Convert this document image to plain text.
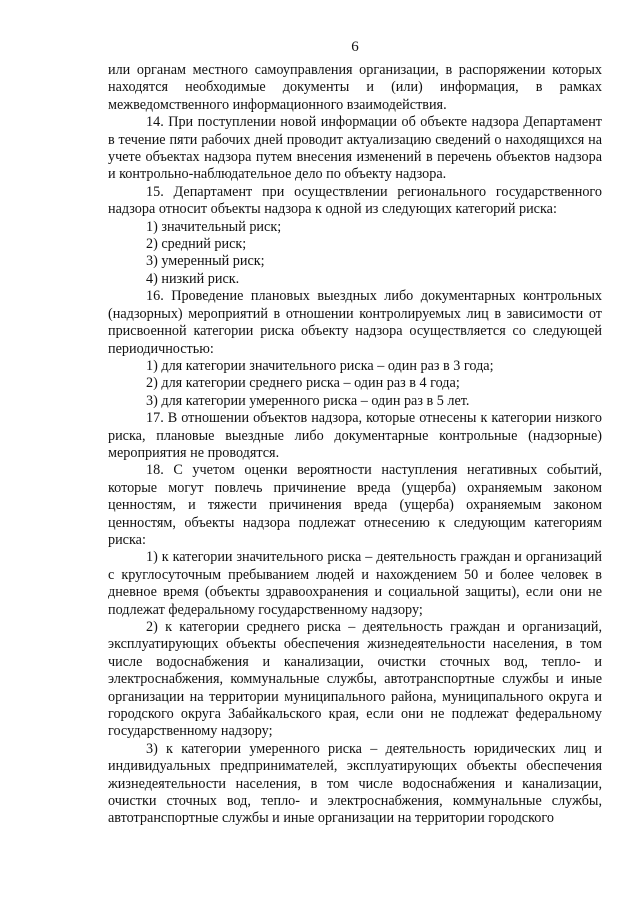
6

или органам местного самоуправления организации, в распоряжении которых находятся необходимые документы и (или) информация, в рамках межведомственного информационного взаимодействия.

14. При поступлении новой информации об объекте надзора Департамент в течение пяти рабочих дней проводит актуализацию сведений о находящихся на учете объектах надзора путем внесения изменений в перечень объектов надзора и контрольно-наблюдательное дело по объекту надзора.

15. Департамент при осуществлении регионального государственного надзора относит объекты надзора к одной из следующих категорий риска:

1) значительный риск;

2) средний риск;

3) умеренный риск;

4) низкий риск.

16. Проведение плановых выездных либо документарных контрольных (надзорных) мероприятий в отношении контролируемых лиц в зависимости от присвоенной категории риска объекту надзора осуществляется со следующей периодичностью:

1) для категории значительного риска – один раз в 3 года;

2) для категории среднего риска – один раз в 4 года;

3) для категории умеренного риска – один раз в 5 лет.

17. В отношении объектов надзора, которые отнесены к категории низкого риска, плановые выездные либо документарные контрольные (надзорные) мероприятия не проводятся.

18. С учетом оценки вероятности наступления негативных событий, которые могут повлечь причинение вреда (ущерба) охраняемым законом ценностям, и тяжести причинения вреда (ущерба) охраняемым законом ценностям, объекты надзора подлежат отнесению к следующим категориям риска:

1) к категории значительного риска – деятельность граждан и организаций с круглосуточным пребыванием людей и нахождением 50 и более человек в дневное время (объекты здравоохранения и социальной защиты), если они не подлежат федеральному государственному надзору;

2) к категории среднего риска – деятельность граждан и организаций, эксплуатирующих объекты обеспечения жизнедеятельности населения, в том числе водоснабжения и канализации, очистки сточных вод, тепло- и электроснабжения, коммунальные службы, автотранспортные службы и иные организации на территории муниципального района, муниципального округа и городского округа Забайкальского края, если они не подлежат федеральному государственному надзору;

3) к категории умеренного риска – деятельность юридических лиц и индивидуальных предпринимателей, эксплуатирующих объекты обеспечения жизнедеятельности населения, в том числе водоснабжения и канализации, очистки сточных вод, тепло- и электроснабжения, коммунальные службы, автотранспортные службы и иные организации на территории городского
